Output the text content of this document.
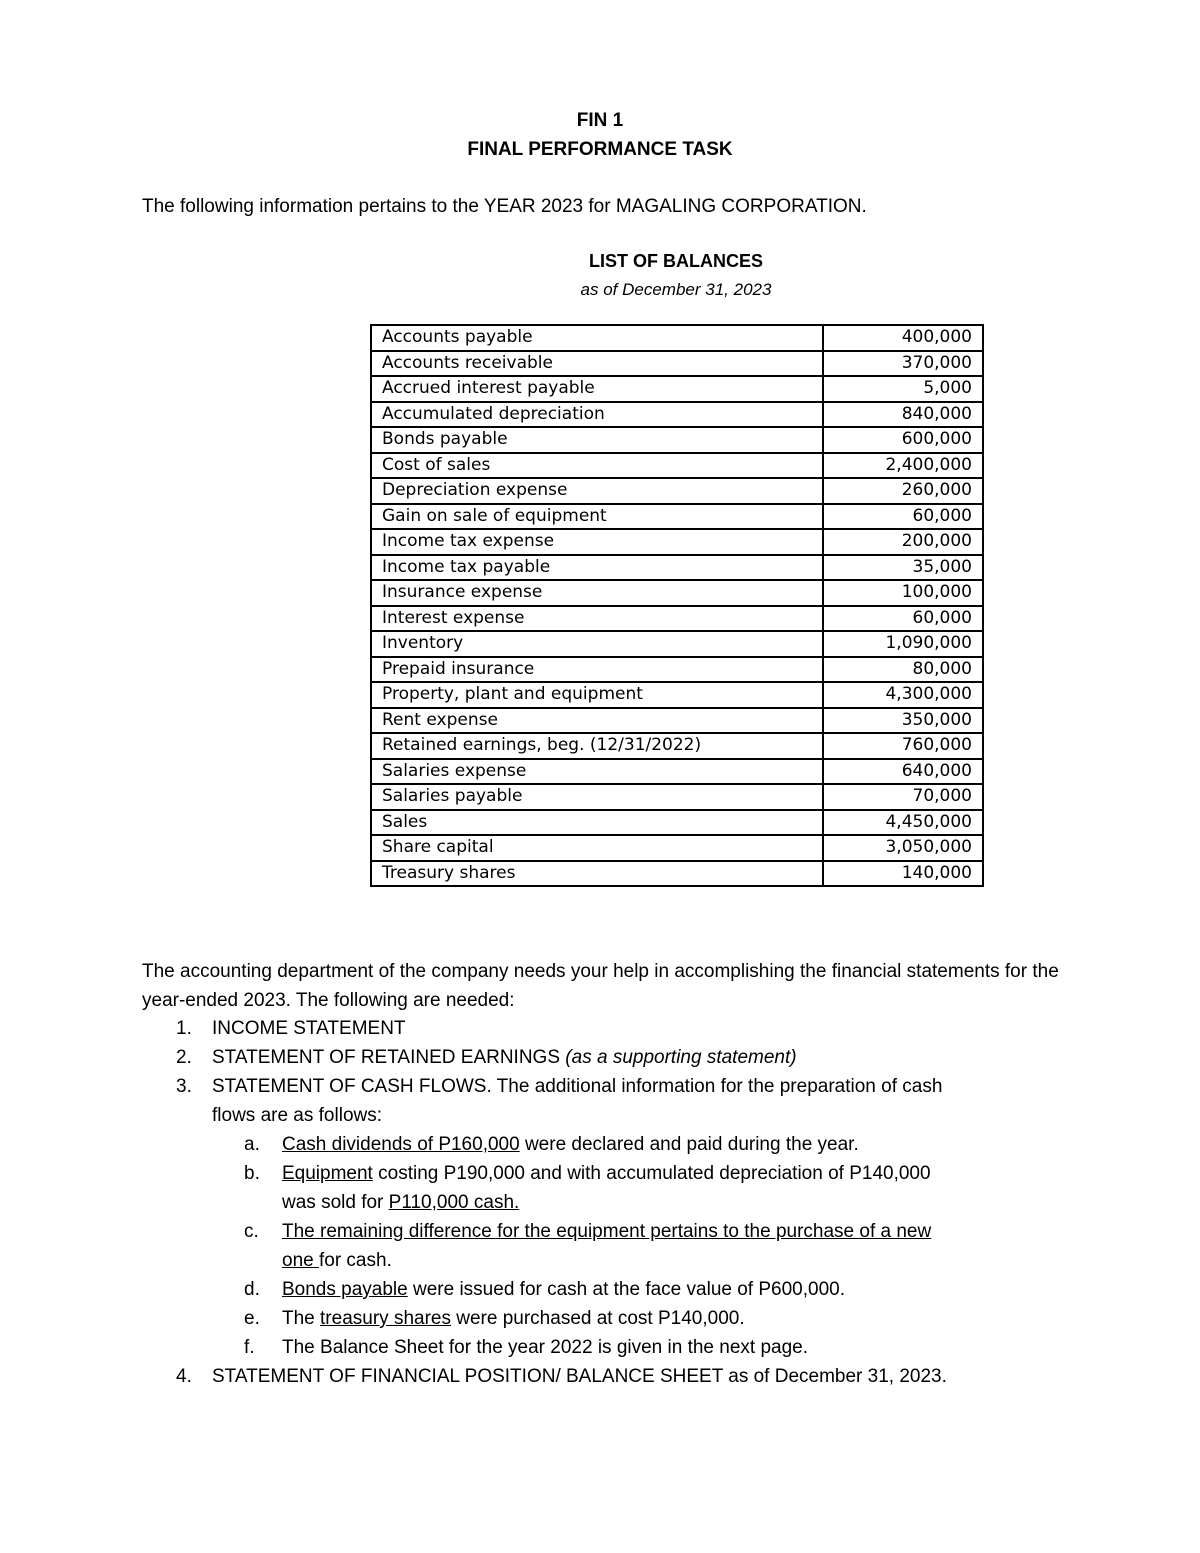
FIN 1
FINAL PERFORMANCE TASK
The following information pertains to the YEAR 2023 for MAGALING CORPORATION.
LIST OF BALANCES
as of December 31, 2023
Accounts payable	400,000
Accounts receivable	370,000
Accrued interest payable	5,000
Accumulated depreciation	840,000
Bonds payable	600,000
Cost of sales	2,400,000
Depreciation expense	260,000
Gain on sale of equipment	60,000
Income tax expense	200,000
Income tax payable	35,000
Insurance expense	100,000
Interest expense	60,000
Inventory	1,090,000
Prepaid insurance	80,000
Property, plant and equipment	4,300,000
Rent expense	350,000
Retained earnings, beg. (12/31/2022)	760,000
Salaries expense	640,000
Salaries payable	70,000
Sales	4,450,000
Share capital	3,050,000
Treasury shares	140,000
The accounting department of the company needs your help in accomplishing the financial statements for the year-ended 2023. The following are needed:
1. INCOME STATEMENT
2. STATEMENT OF RETAINED EARNINGS (as a supporting statement)
3. STATEMENT OF CASH FLOWS. The additional information for the preparation of cash
flows are as follows:
a. Cash dividends of P160,000 were declared and paid during the year.
b. Equipment costing P190,000 and with accumulated depreciation of P140,000
was sold for P110,000 cash.
c. The remaining difference for the equipment pertains to the purchase of a new
one for cash.
d. Bonds payable were issued for cash at the face value of P600,000.
e. The treasury shares were purchased at cost P140,000.
f. The Balance Sheet for the year 2022 is given in the next page.
4. STATEMENT OF FINANCIAL POSITION/ BALANCE SHEET as of December 31, 2023.
